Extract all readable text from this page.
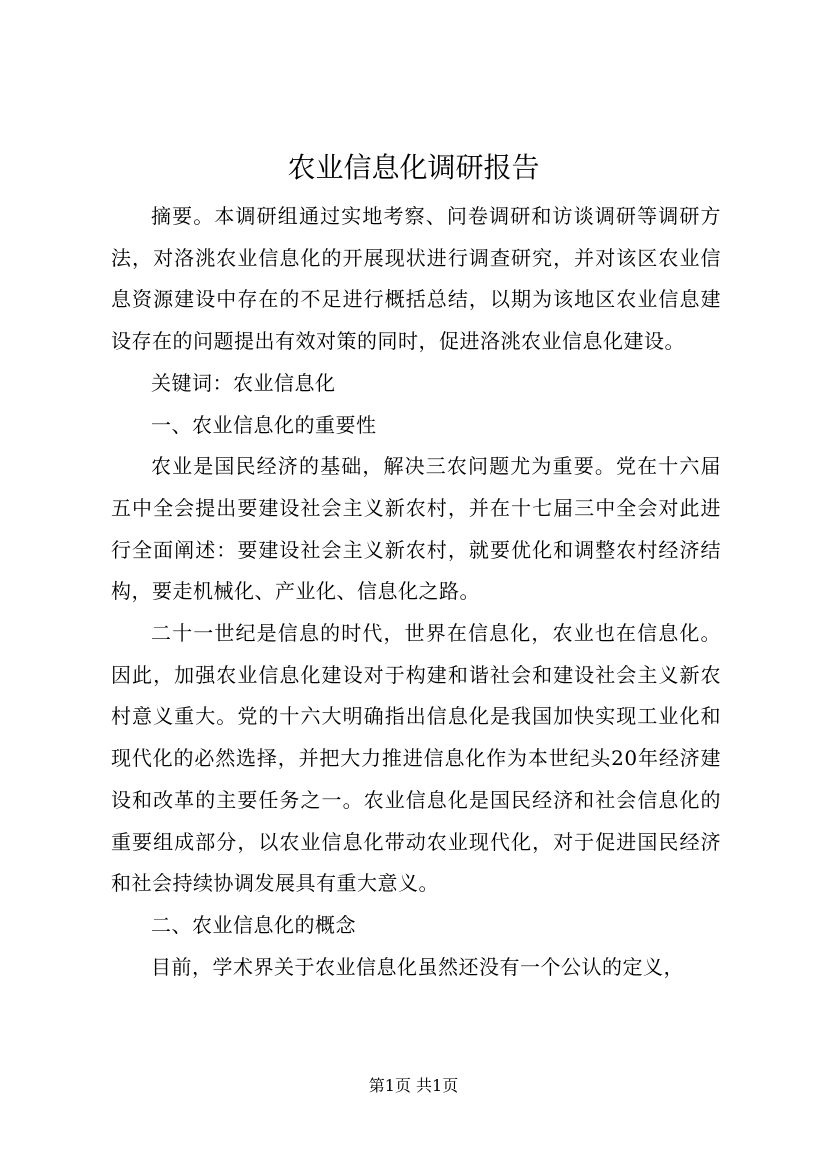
农业信息化调研报告

摘要。本调研组通过实地考察、问卷调研和访谈调研等调研方法，对洛洮农业信息化的开展现状进行调查研究，并对该区农业信息资源建设中存在的不足进行概括总结，以期为该地区农业信息建设存在的问题提出有效对策的同时，促进洛洮农业信息化建设。

关键词：农业信息化

一、农业信息化的重要性

农业是国民经济的基础，解决三农问题尤为重要。党在十六届五中全会提出要建设社会主义新农村，并在十七届三中全会对此进行全面阐述：要建设社会主义新农村，就要优化和调整农村经济结构，要走机械化、产业化、信息化之路。

二十一世纪是信息的时代，世界在信息化，农业也在信息化。因此，加强农业信息化建设对于构建和谐社会和建设社会主义新农村意义重大。党的十六大明确指出信息化是我国加快实现工业化和现代化的必然选择，并把大力推进信息化作为本世纪头20年经济建设和改革的主要任务之一。农业信息化是国民经济和社会信息化的重要组成部分，以农业信息化带动农业现代化，对于促进国民经济和社会持续协调发展具有重大意义。

二、农业信息化的概念

目前，学术界关于农业信息化虽然还没有一个公认的定义，

第1页 共1页
